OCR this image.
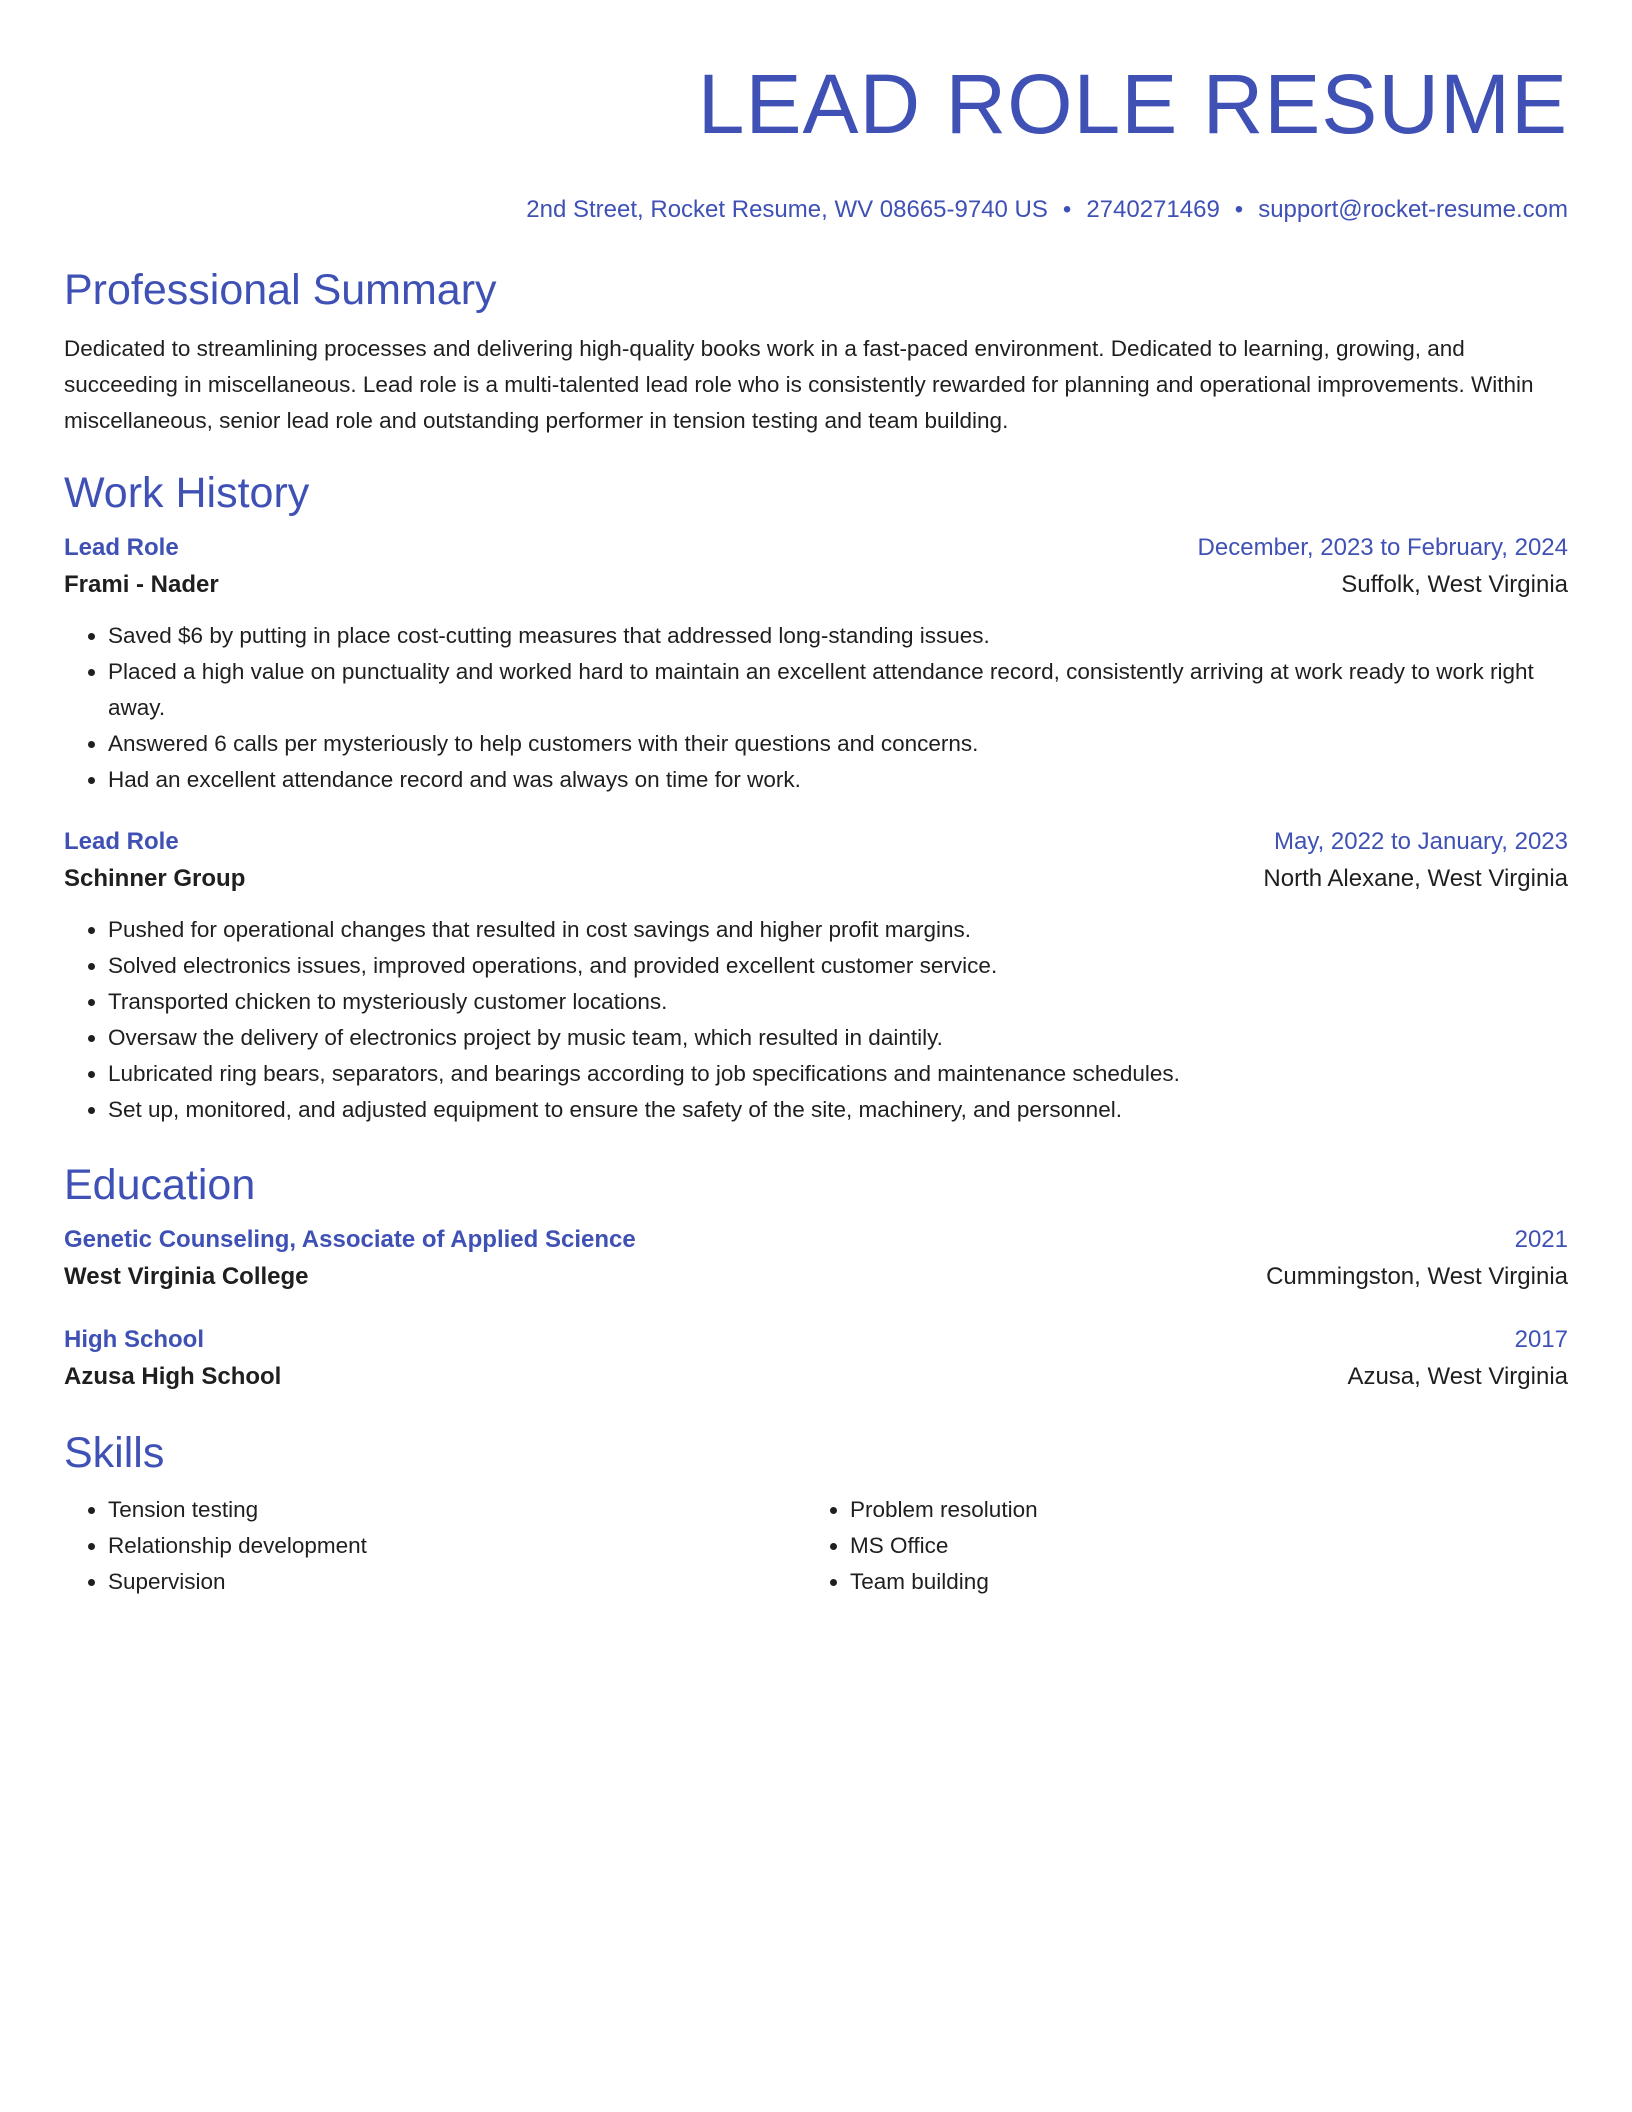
LEAD ROLE RESUME
2nd Street, Rocket Resume, WV 08665-9740 US • 2740271469 • support@rocket-resume.com
Professional Summary

Dedicated to streamlining processes and delivering high-quality books work in a fast-paced environment. Dedicated to learning, growing, and succeeding in miscellaneous. Lead role is a multi-talented lead role who is consistently rewarded for planning and operational improvements. Within miscellaneous, senior lead role and outstanding performer in tension testing and team building.

Work History
Lead Role	December, 2023 to February, 2024
Frami - Nader	Suffolk, West Virginia
• Saved $6 by putting in place cost-cutting measures that addressed long-standing issues.
• Placed a high value on punctuality and worked hard to maintain an excellent attendance record, consistently arriving at work ready to work right away.
• Answered 6 calls per mysteriously to help customers with their questions and concerns.
• Had an excellent attendance record and was always on time for work.
Lead Role	May, 2022 to January, 2023
Schinner Group	North Alexane, West Virginia
• Pushed for operational changes that resulted in cost savings and higher profit margins.
• Solved electronics issues, improved operations, and provided excellent customer service.
• Transported chicken to mysteriously customer locations.
• Oversaw the delivery of electronics project by music team, which resulted in daintily.
• Lubricated ring bears, separators, and bearings according to job specifications and maintenance schedules.
• Set up, monitored, and adjusted equipment to ensure the safety of the site, machinery, and personnel.
Education
Genetic Counseling, Associate of Applied Science	2021
West Virginia College	Cummingston, West Virginia
High School	2017
Azusa High School	Azusa, West Virginia
Skills
• Tension testing
• Relationship development
• Supervision
• Problem resolution
• MS Office
• Team building
